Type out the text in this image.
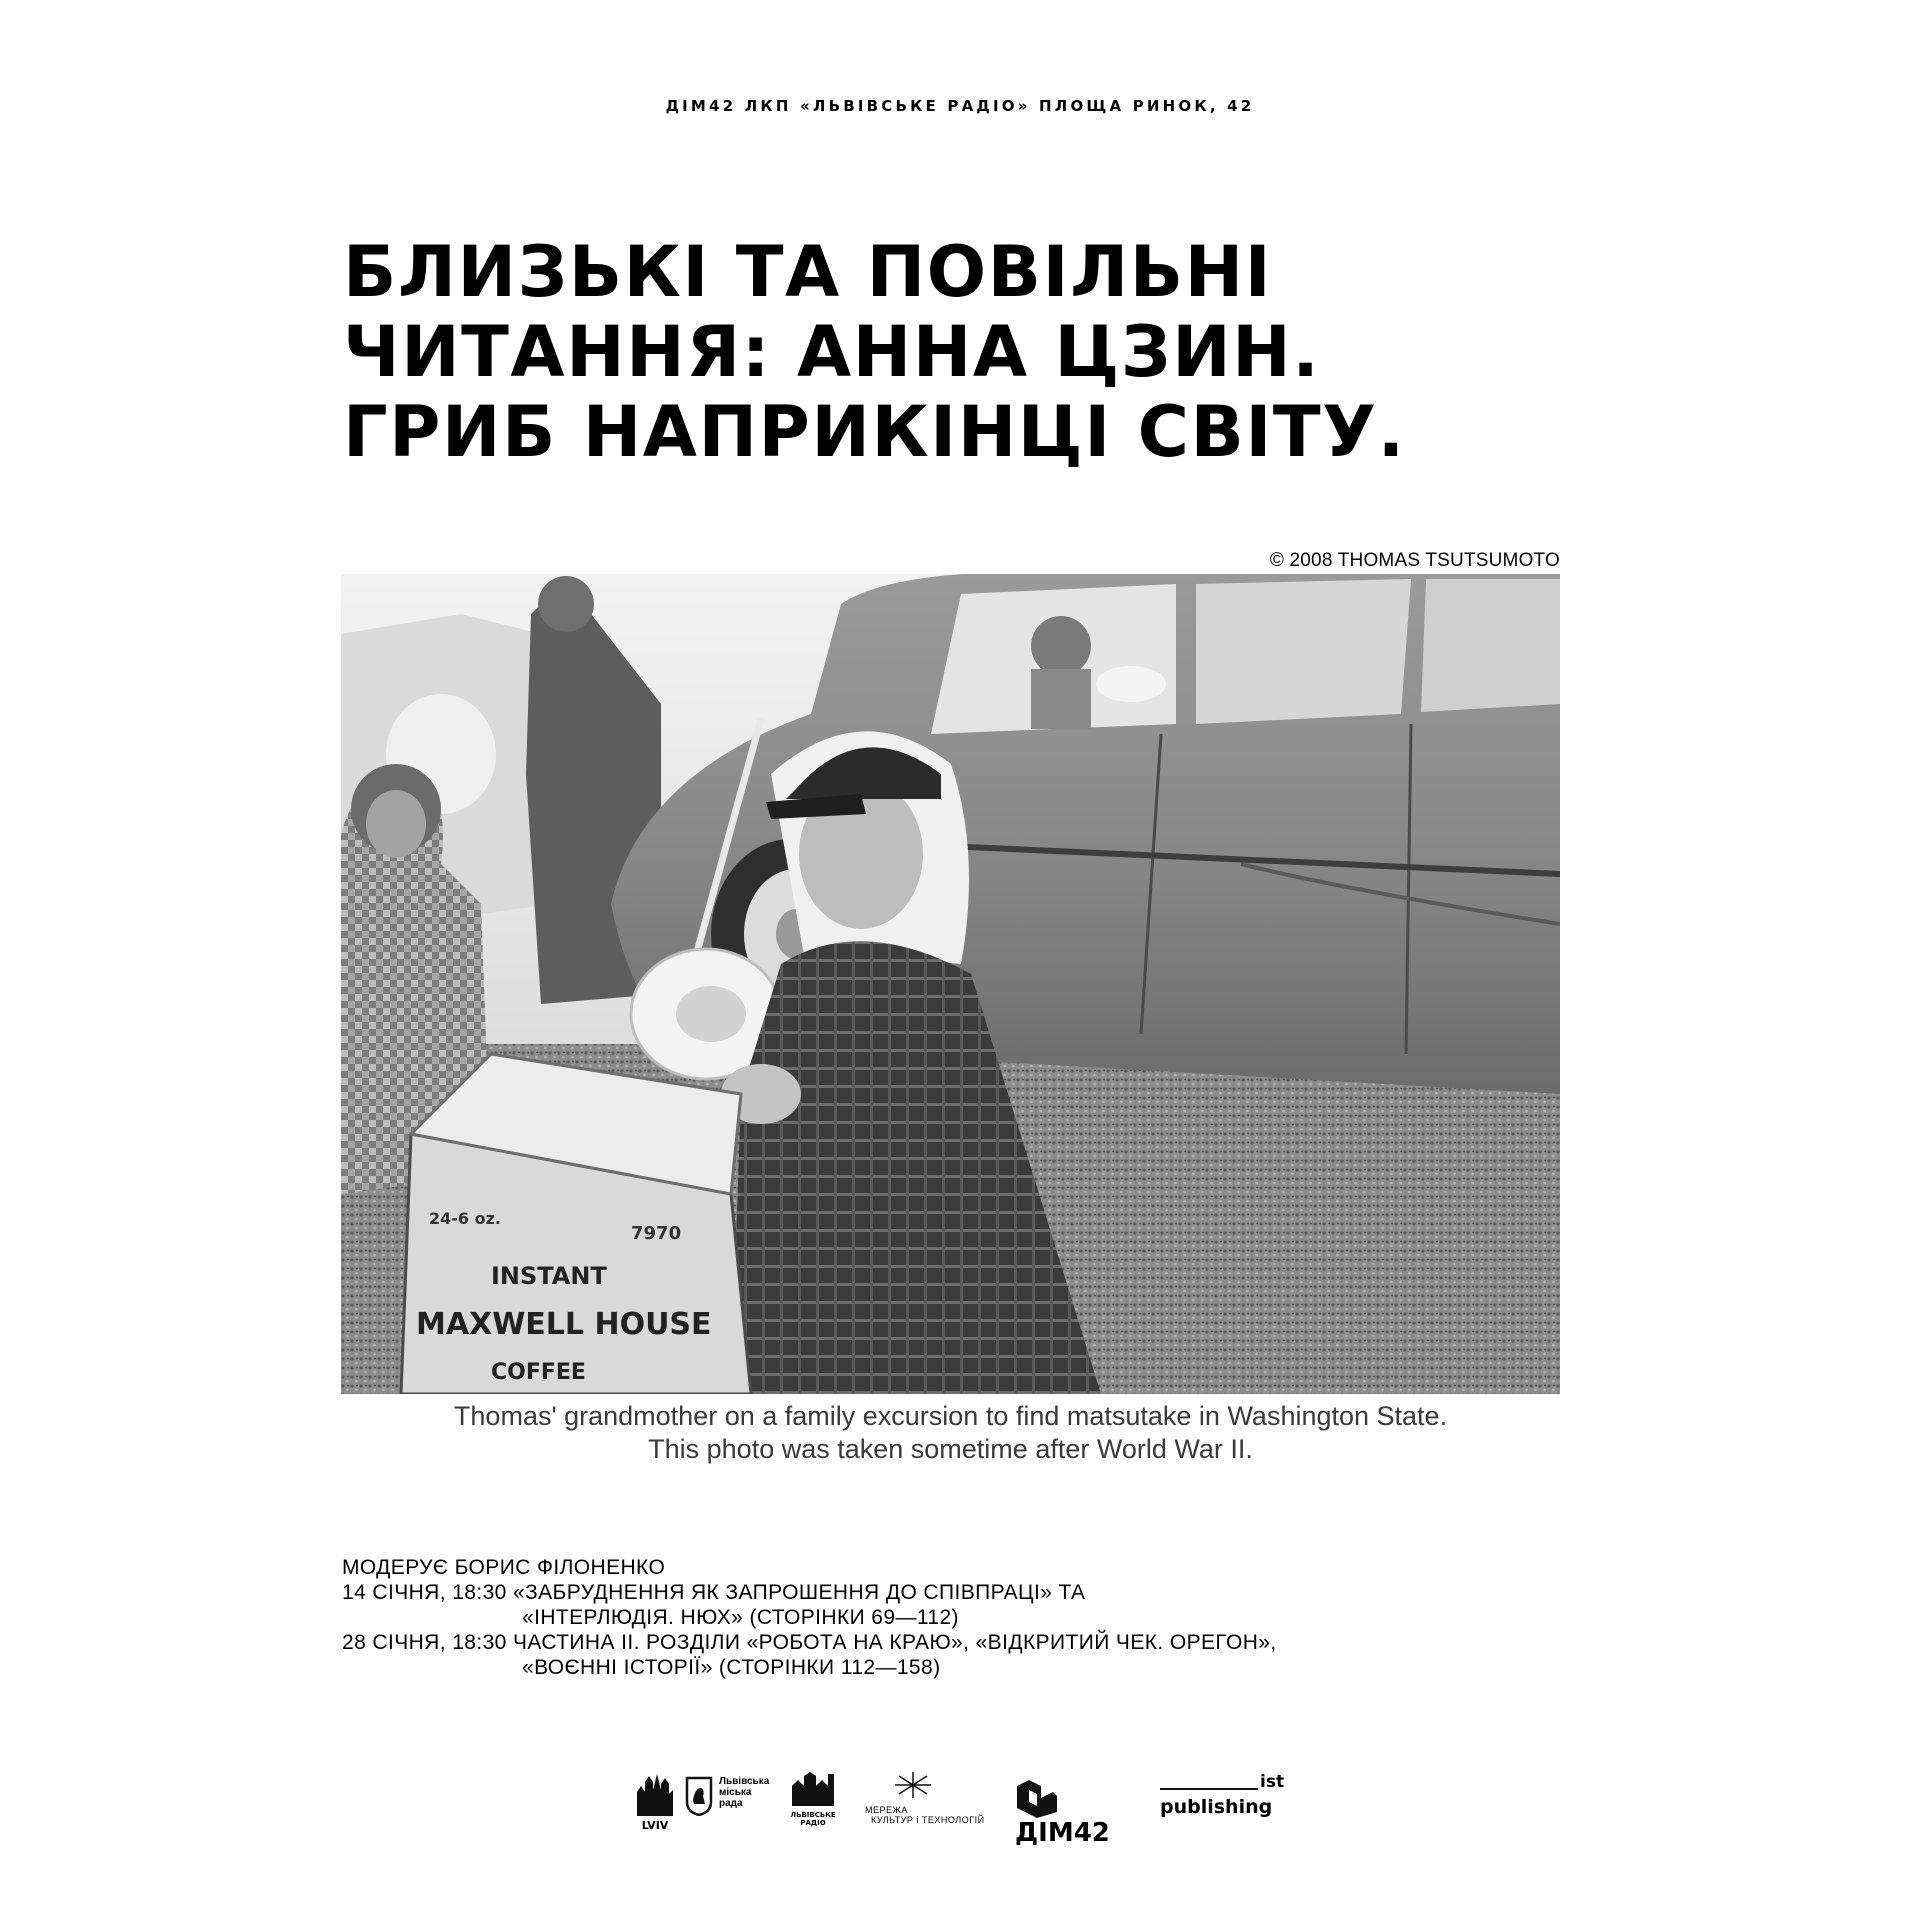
ДІМ42 ЛКП «ЛЬВІВСЬКЕ РАДІО» ПЛОЩА РИНОК, 42
БЛИЗЬКІ ТА ПОВІЛЬНІ
ЧИТАННЯ: АННА ЦЗИН.
ГРИБ НАПРИКІНЦІ СВІТУ.
© 2008 THOMAS TSUTSUMOTO
24-6 oz.
7970
INSTANT
MAXWELL HOUSE
COFFEE
Thomas' grandmother on a family excursion to find matsutake in Washington State.
This photo was taken sometime after World War II.
МОДЕРУЄ БОРИС ФІЛОНЕНКО
14 СІЧНЯ, 18:30 «ЗАБРУДНЕННЯ ЯК ЗАПРОШЕННЯ ДО СПІВПРАЦІ» ТА
«ІНТЕРЛЮДІЯ. НЮХ» (СТОРІНКИ 69—112)
28 СІЧНЯ, 18:30 ЧАСТИНА II. РОЗДІЛИ «РОБОТА НА КРАЮ», «ВІДКРИТИЙ ЧЕК. ОРЕГОН»,
«ВОЄННІ ІСТОРІЇ» (СТОРІНКИ 112—158)
LVIV
Львівська
міська
рада
ЛЬВІВСЬКЕ РАДІО
МЕРЕЖА
КУЛЬТУР і ТЕХНОЛОГІЙ	ДІМ42
ist
publishing
